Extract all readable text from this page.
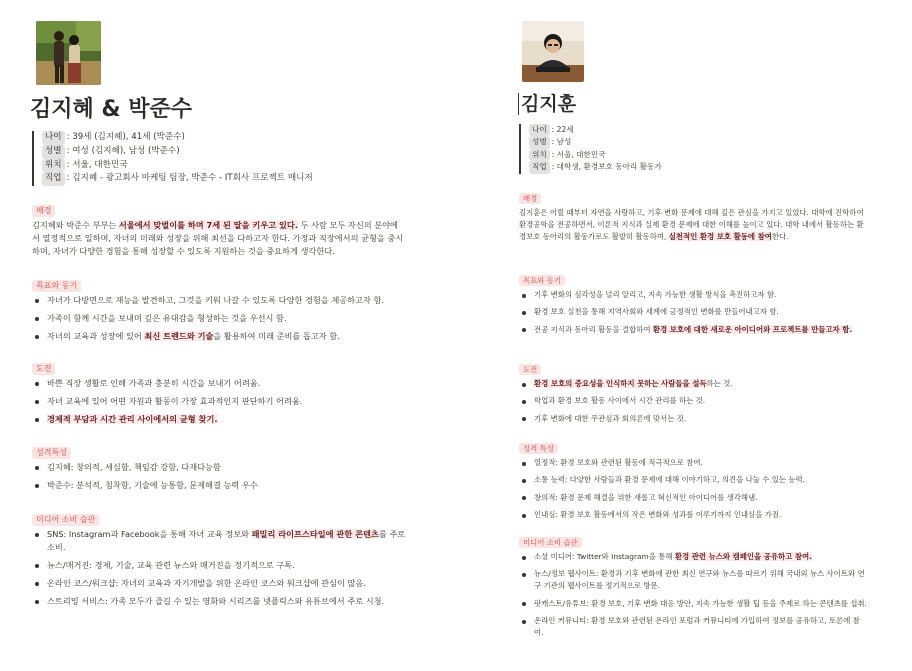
김지혜 & 박준수
나이 : 39세 (김지혜), 41세 (박준수)
성별 : 여성 (김지혜), 남성 (박준수)
위치 : 서울, 대한민국
직업 : 김지혜 - 광고회사 마케팅 팀장, 박준수 - IT회사 프로젝트 매니저
배경
김지혜와 박준수 부부는 서울에서 맞벌이를 하며 7세 된 딸을 키우고 있다. 두 사람 모두 자신의 분야에서 열정적으로 일하며, 자녀의 미래와 성장을 위해 최선을 다하고자 한다. 가정과 직장에서의 균형을 중시하며, 자녀가 다양한 경험을 통해 성장할 수 있도록 지원하는 것을 중요하게 생각한다.
목표와 동기
자녀가 다방면으로 재능을 발견하고, 그것을 키워 나갈 수 있도록 다양한 경험을 제공하고자 함.
가족이 함께 시간을 보내며 깊은 유대감을 형성하는 것을 우선시 함.
자녀의 교육과 성장에 있어 최신 트렌드와 기술을 활용하여 미래 준비를 돕고자 함.
도전
바쁜 직장 생활로 인해 가족과 충분히 시간을 보내기 어려움.
자녀 교육에 있어 어떤 자원과 활동이 가장 효과적인지 판단하기 어려움.
경제적 부담과 시간 관리 사이에서의 균형 찾기.
성격특성
김지혜: 창의적, 세심함, 책임감 강함, 다재다능함
박준수: 분석적, 침착함, 기술에 능통함, 문제해결 능력 우수
미디어 소비 습관
SNS: Instagram과 Facebook을 통해 자녀 교육 정보와 패밀리 라이프스타일에 관한 콘텐츠를 주로 소비.
뉴스/매거진: 경제, 기술, 교육 관련 뉴스와 매거진을 정기적으로 구독.
온라인 코스/워크샵: 자녀의 교육과 자기개발을 위한 온라인 코스와 워크샵에 관심이 많음.
스트리밍 서비스: 가족 모두가 즐길 수 있는 영화와 시리즈를 넷플릭스와 유튜브에서 주로 시청.
김지훈
나이 : 22세
성별 : 남성
위치 : 서울, 대한민국
직업 : 대학생, 환경보호 동아리 활동가
배경
김지훈은 어릴 때부터 자연을 사랑하고, 기후 변화 문제에 대해 깊은 관심을 가지고 있었다. 대학에 진학하여 환경공학을 전공하면서, 이론적 지식과 실제 환경 문제에 대한 이해를 높이고 있다. 대학 내에서 활동하는 환경보호 동아리의 활동가로도 활발히 활동하며, 실천적인 환경 보호 활동에 참여한다.
목표와 동기
기후 변화의 심각성을 널리 알리고, 지속 가능한 생활 방식을 촉진하고자 함.
환경 보호 실천을 통해 지역사회와 세계에 긍정적인 변화를 만들어내고자 함.
전공 지식과 동아리 활동을 결합하여 환경 보호에 대한 새로운 아이디어와 프로젝트를 만들고자 함.
도전
환경 보호의 중요성을 인식하지 못하는 사람들을 설득하는 것.
학업과 환경 보호 활동 사이에서 시간 관리를 하는 것.
기후 변화에 대한 무관심과 회의론에 맞서는 것.
성격 특성
열정적: 환경 보호와 관련된 활동에 적극적으로 참여.
소통 능력: 다양한 사람들과 환경 문제에 대해 이야기하고, 의견을 나눌 수 있는 능력.
창의적: 환경 문제 해결을 위한 새롭고 혁신적인 아이디어를 생각해냄.
인내심: 환경 보호 활동에서의 작은 변화와 성과를 이루기까지 인내심을 가짐.
미디어 소비 습관
소셜 미디어: Twitter와 Instagram을 통해 환경 관련 뉴스와 캠페인을 공유하고 참여.
뉴스/정보 웹사이트: 환경과 기후 변화에 관한 최신 연구와 뉴스를 따르기 위해 국내외 뉴스 사이트와 연구 기관의 웹사이트를 정기적으로 방문.
팟캐스트/유튜브: 환경 보호, 기후 변화 대응 방안, 지속 가능한 생활 팁 등을 주제로 하는 콘텐츠를 섭취.
온라인 커뮤니티: 환경 보호와 관련된 온라인 포럼과 커뮤니티에 가입하여 정보를 공유하고, 토론에 참여.
